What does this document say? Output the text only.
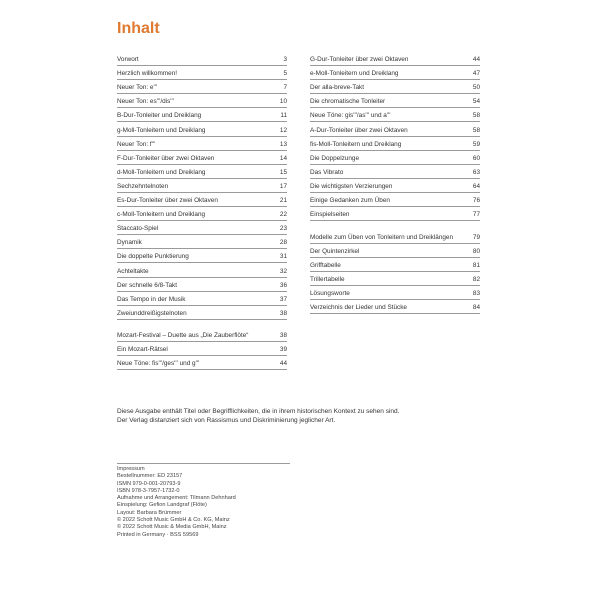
Inhalt
Vorwort	3
Herzlich willkommen!	5
Neuer Ton: e'''	7
Neuer Ton: es'''/dis'''	10
B-Dur-Tonleiter und Dreiklang	11
g-Moll-Tonleitern und Dreiklang	12
Neuer Ton: f'''	13
F-Dur-Tonleiter über zwei Oktaven	14
d-Moll-Tonleitern und Dreiklang	15
Sechzehntelnoten	17
Es-Dur-Tonleiter über zwei Oktaven	21
c-Moll-Tonleitern und Dreiklang	22
Staccato-Spiel	23
Dynamik	28
Die doppelte Punktierung	31
Achteltakte	32
Der schnelle 6/8-Takt	36
Das Tempo in der Musik	37
Zweiunddreißigstelnoten	38
Mozart-Festival – Duette aus „Die Zauberflöte“	38
Ein Mozart-Rätsel	39
Neue Töne: fis'''/ges''' und g'''	44
G-Dur-Tonleiter über zwei Oktaven	44
e-Moll-Tonleitern und Dreiklang	47
Der alla-breve-Takt	50
Die chromatische Tonleiter	54
Neue Töne: gis'''/as''' und a'''	58
A-Dur-Tonleiter über zwei Oktaven	58
fis-Moll-Tonleitern und Dreiklang	59
Die Doppelzunge	60
Das Vibrato	63
Die wichtigsten Verzierungen	64
Einige Gedanken zum Üben	76
Einspielseiten	77
Modelle zum Üben von Tonleitern und Dreiklängen	79
Der Quintenzirkel	80
Grifftabelle	81
Trillertabelle	82
Lösungsworte	83
Verzeichnis der Lieder und Stücke	84
Diese Ausgabe enthält Titel oder Begrifflichkeiten, die in ihrem historischen Kontext zu sehen sind.
Der Verlag distanziert sich von Rassismus und Diskriminierung jeglicher Art.
Impressum
Bestellnummer: ED 23157
ISMN 979-0-001-20793-9
ISBN 978-3-7957-1732-0
Aufnahme und Arrangement: Tilmann Dehnhard
Einspielung: Gefion Landgraf (Flöte)
Layout: Barbara Brümmer
© 2022 Schott Music GmbH & Co. KG, Mainz
© 2022 Schott Music & Media GmbH, Mainz
Printed in Germany · BSS 59569
